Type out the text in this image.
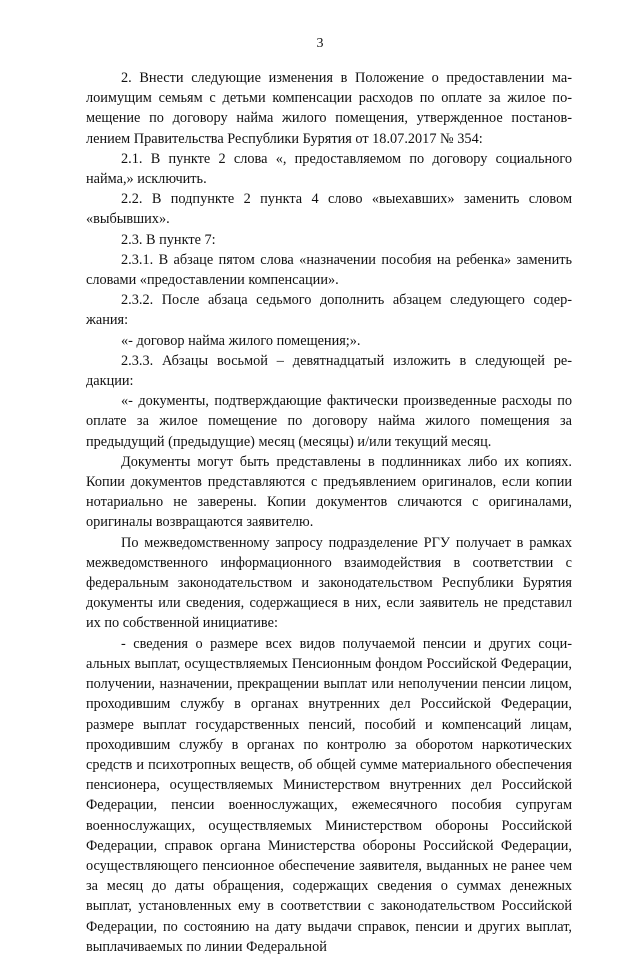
3

2. Внести следующие изменения в Положение о предоставлении малоимущим семьям с детьми компенсации расходов по оплате за жилое помещение по договору найма жилого помещения, утвержденное постановлением Правительства Республики Бурятия от 18.07.2017 № 354:

2.1. В пункте 2 слова «, предоставляемом по договору социального найма,» исключить.

2.2. В подпункте 2 пункта 4 слово «выехавших» заменить словом «выбывших».

2.3. В пункте 7:

2.3.1. В абзаце пятом слова «назначении пособия на ребенка» заменить словами «предоставлении компенсации».

2.3.2. После абзаца седьмого дополнить абзацем следующего содержания:

«- договор найма жилого помещения;».

2.3.3. Абзацы восьмой – девятнадцатый изложить в следующей редакции:

«- документы, подтверждающие фактически произведенные расходы по оплате за жилое помещение по договору найма жилого помещения за предыдущий (предыдущие) месяц (месяцы) и/или текущий месяц.

Документы могут быть представлены в подлинниках либо их копиях. Копии документов представляются с предъявлением оригиналов, если копии нотариально не заверены. Копии документов сличаются с оригиналами, оригиналы возвращаются заявителю.

По межведомственному запросу подразделение РГУ получает в рамках межведомственного информационного взаимодействия в соответствии с федеральным законодательством и законодательством Республики Бурятия документы или сведения, содержащиеся в них, если заявитель не представил их по собственной инициативе:

- сведения о размере всех видов получаемой пенсии и других социальных выплат, осуществляемых Пенсионным фондом Российской Федерации, получении, назначении, прекращении выплат или неполучении пенсии лицом, проходившим службу в органах внутренних дел Российской Федерации, размере выплат государственных пенсий, пособий и компенсаций лицам, проходившим службу в органах по контролю за оборотом наркотических средств и психотропных веществ, об общей сумме материального обеспечения пенсионера, осуществляемых Министерством внутренних дел Российской Федерации, пенсии военнослужащих, ежемесячного пособия супругам военнослужащих, осуществляемых Министерством обороны Российской Федерации, справок органа Министерства обороны Российской Федерации, осуществляющего пенсионное обеспечение заявителя, выданных не ранее чем за месяц до даты обращения, содержащих сведения о суммах денежных выплат, установленных ему в соответствии с законодательством Российской Федерации, по состоянию на дату выдачи справок, пенсии и других выплат, выплачиваемых по линии Федеральной
